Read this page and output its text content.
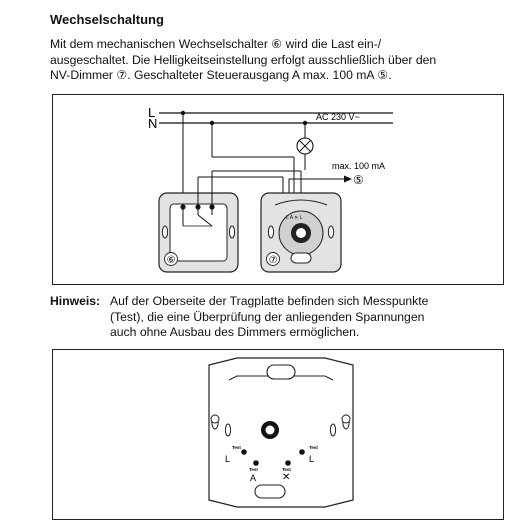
Wechselschaltung
Mit dem mechanischen Wechselschalter ⑥ wird die Last ein-/
ausgeschaltet. Die Helligkeitseinstellung erfolgt ausschließlich über den
NV-Dimmer ⑦. Geschalteter Steuerausgang A max. 100 mA ⑤.
L
N	AC 230 V~
max. 100 mA
⑤
⑥
L A ✕ L
⑦
Hinweis: Auf der Oberseite der Tragplatte befinden sich Messpunkte
(Test), die eine Überprüfung der anliegenden Spannungen
auch ohne Ausbau des Dimmers ermöglichen.
Test
L
Test
L
Test
A
Test
✕
